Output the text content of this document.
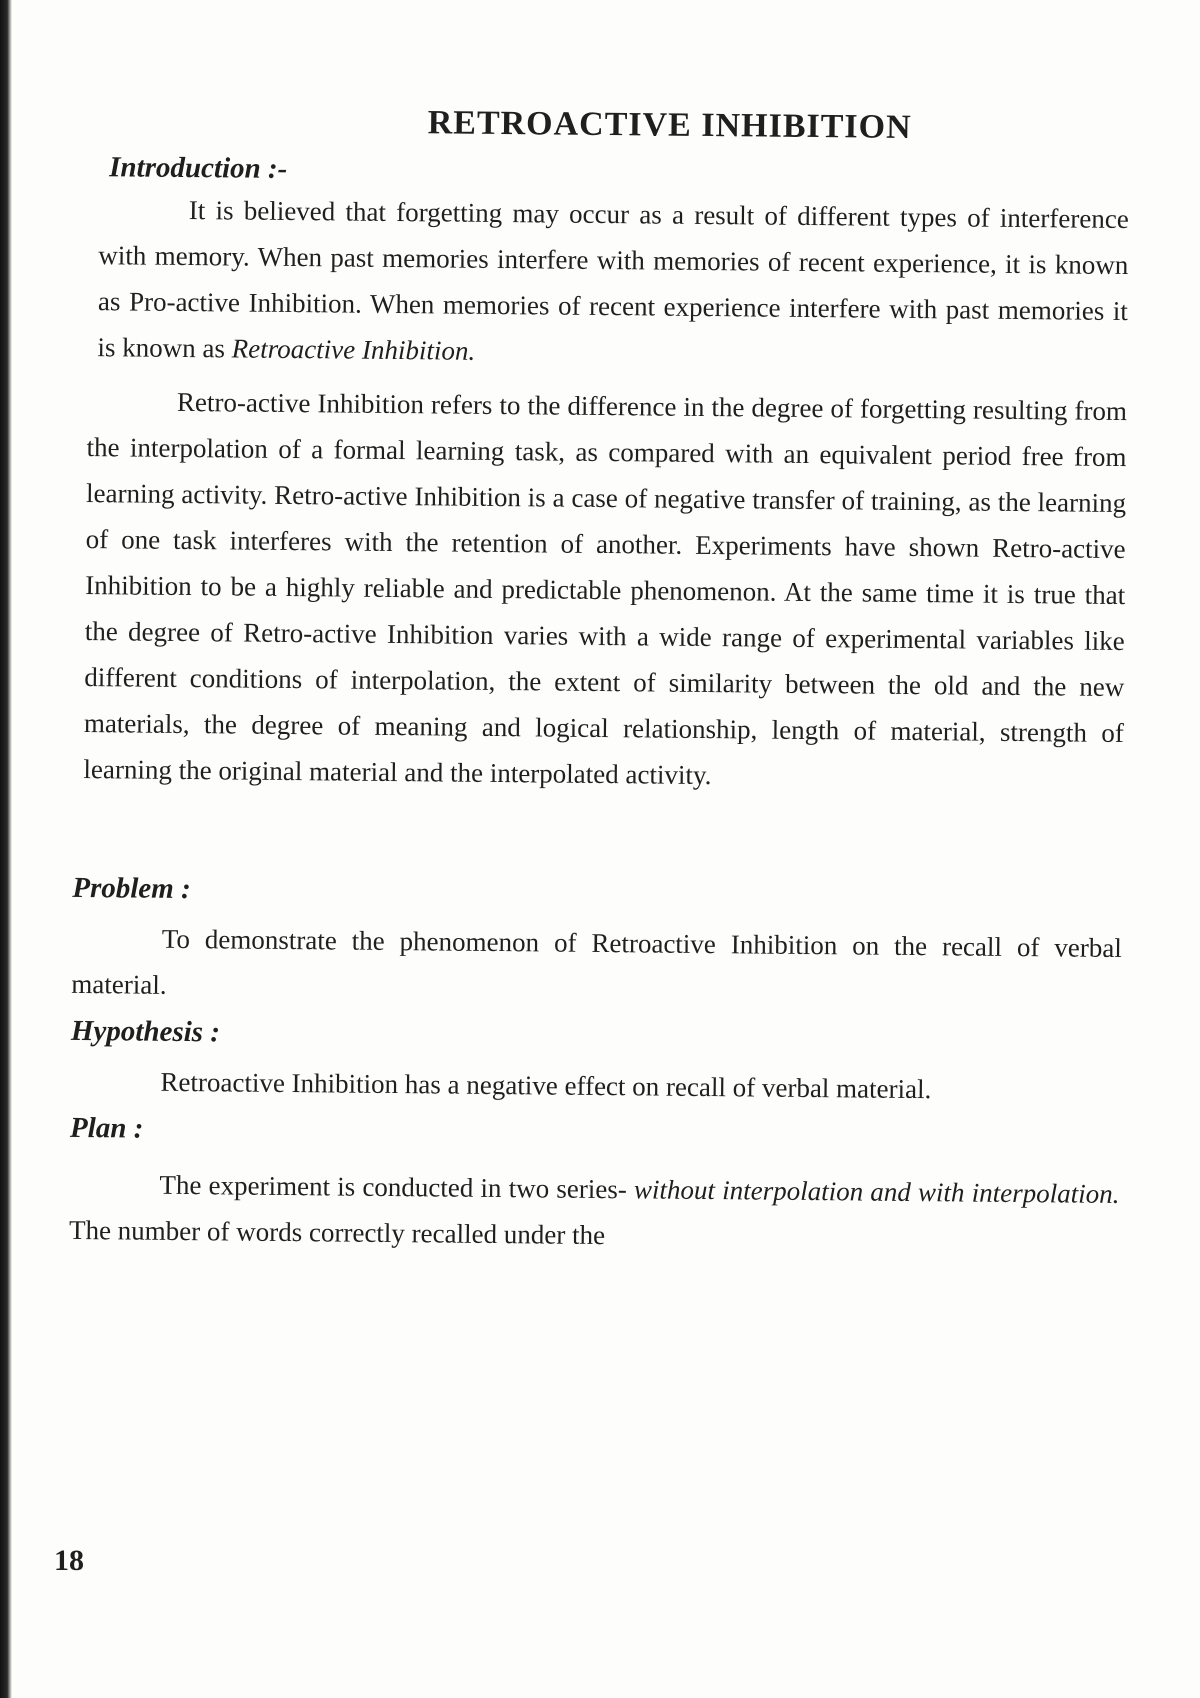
RETROACTIVE INHIBITION
Introduction :-

It is believed that forgetting may occur as a result of different types of interference with memory. When past memories interfere with memories of recent experience, it is known as Pro-active Inhibition. When memories of recent experience interfere with past memories it is known as Retroactive Inhibition.

Retro-active Inhibition refers to the difference in the degree of forgetting resulting from the interpolation of a formal learning task, as compared with an equivalent period free from learning activity. Retro-active Inhibition is a case of negative transfer of training, as the learning of one task interferes with the retention of another. Experiments have shown Retro-active Inhibition to be a highly reliable and predictable phenomenon. At the same time it is true that the degree of Retro-active Inhibition varies with a wide range of experimental variables like different conditions of interpolation, the extent of similarity between the old and the new materials, the degree of meaning and logical relationship, length of material, strength of learning the original material and the interpolated activity.

Problem :

To demonstrate the phenomenon of Retroactive Inhibition on the recall of verbal material.

Hypothesis :

Retroactive Inhibition has a negative effect on recall of verbal material.

Plan :

The experiment is conducted in two series- without interpolation and with interpolation. The number of words correctly recalled under the

18
